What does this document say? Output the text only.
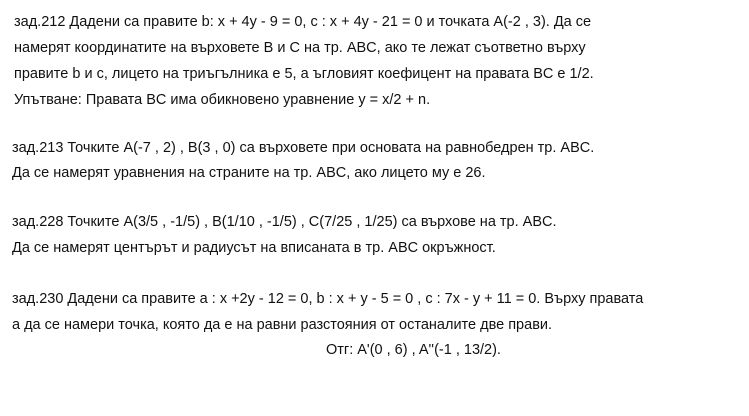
зад.212 Дадени са правите b: x + 4y - 9 = 0, c : x + 4y - 21 = 0 и точката A(-2 , 3). Да се
намерят координатите на върховете B и C на тр. ABC, ако те лежат съответно върху
правите b и c, лицето на триъгълника е 5, а ъгловият коефицент на правата BC е 1/2.
Упътване: Правата BC има обикновено уравнение y = x/2 + n.
зад.213 Точките A(-7 , 2) , B(3 , 0) са върховете при основата на равнобедрен тр. ABC.
Да се намерят уравнения на страните на тр. ABC, ако лицето му е 26.
зад.228 Точките A(3/5 , -1/5) , B(1/10 , -1/5) , C(7/25 , 1/25) са върхове на тр. ABC.
Да се намерят центърът и радиусът на вписаната в тр. ABC окръжност.
зад.230 Дадени са правите a : x +2y - 12 = 0, b : x + y - 5 = 0 , c : 7x - y + 11 = 0. Върху правата
a да се намери точка, която да е на равни разстояния от останалите две прави.
Отг: A'(0 , 6) , A''(-1 , 13/2).
